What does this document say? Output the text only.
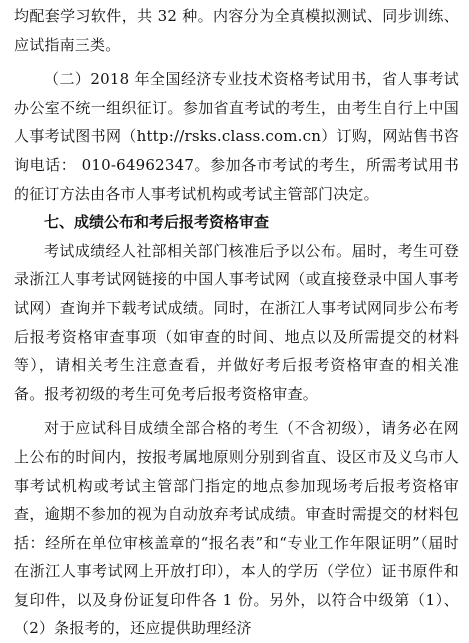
均配套学习软件，共 32 种。内容分为全真模拟测试、同步训练、应试指南三类。

（二）2018 年全国经济专业技术资格考试用书，省人事考试办公室不统一组织征订。参加省直考试的考生，由考生自行上中国人事考试图书网（http://rsks.class.com.cn）订购，网站售书咨询电话： 010-64962347。参加各市考试的考生，所需考试用书的征订方法由各市人事考试机构或考试主管部门决定。

七、成绩公布和考后报考资格审查

考试成绩经人社部相关部门核准后予以公布。届时，考生可登录浙江人事考试网链接的中国人事考试网（或直接登录中国人事考试网）查询并下载考试成绩。同时，在浙江人事考试网同步公布考后报考资格审查事项（如审查的时间、地点以及所需提交的材料等），请相关考生注意查看，并做好考后报考资格审查的相关准备。报考初级的考生可免考后报考资格审查。

对于应试科目成绩全部合格的考生（不含初级），请务必在网上公布的时间内，按报考属地原则分别到省直、设区市及义乌市人事考试机构或考试主管部门指定的地点参加现场考后报考资格审查，逾期不参加的视为自动放弃考试成绩。审查时需提交的材料包括：经所在单位审核盖章的“报名表”和“专业工作年限证明”（届时在浙江人事考试网上开放打印），本人的学历（学位）证书原件和复印件，以及身份证复印件各 1 份。另外，以符合中级第（1）、（2）条报考的，还应提供助理经济
